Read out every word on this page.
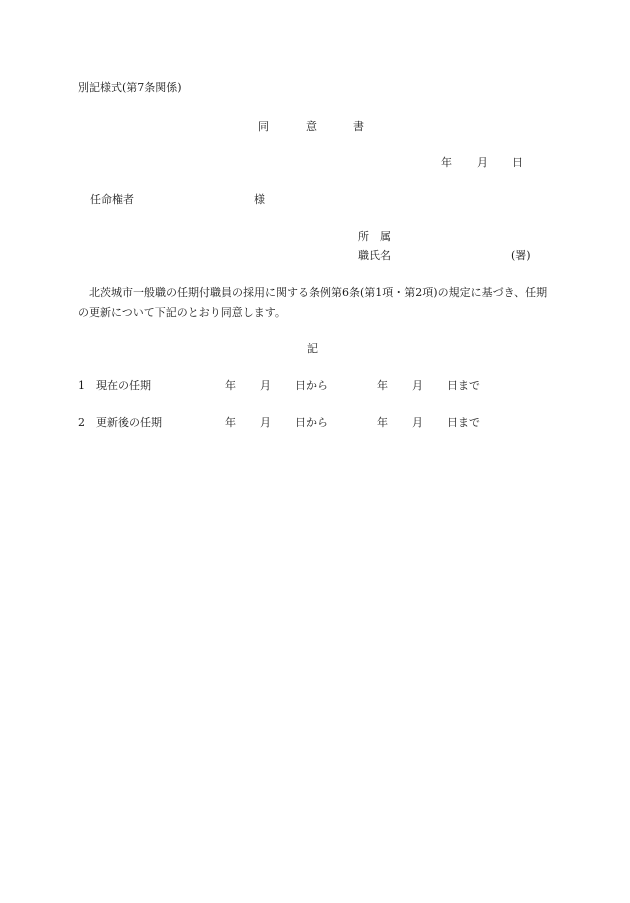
別記様式(第7条関係)
同	意	書
年 月 日
任命権者	様
所　属
職氏名	(署)
北茨城市一般職の任期付職員の採用に関する条例第6条(第1項・第2項)の規定に基づき、任期の更新について下記のとおり同意します。
記
1 現在の任期	年 月 日から	年 月 日まで
2 更新後の任期	年 月 日から	年 月 日まで
